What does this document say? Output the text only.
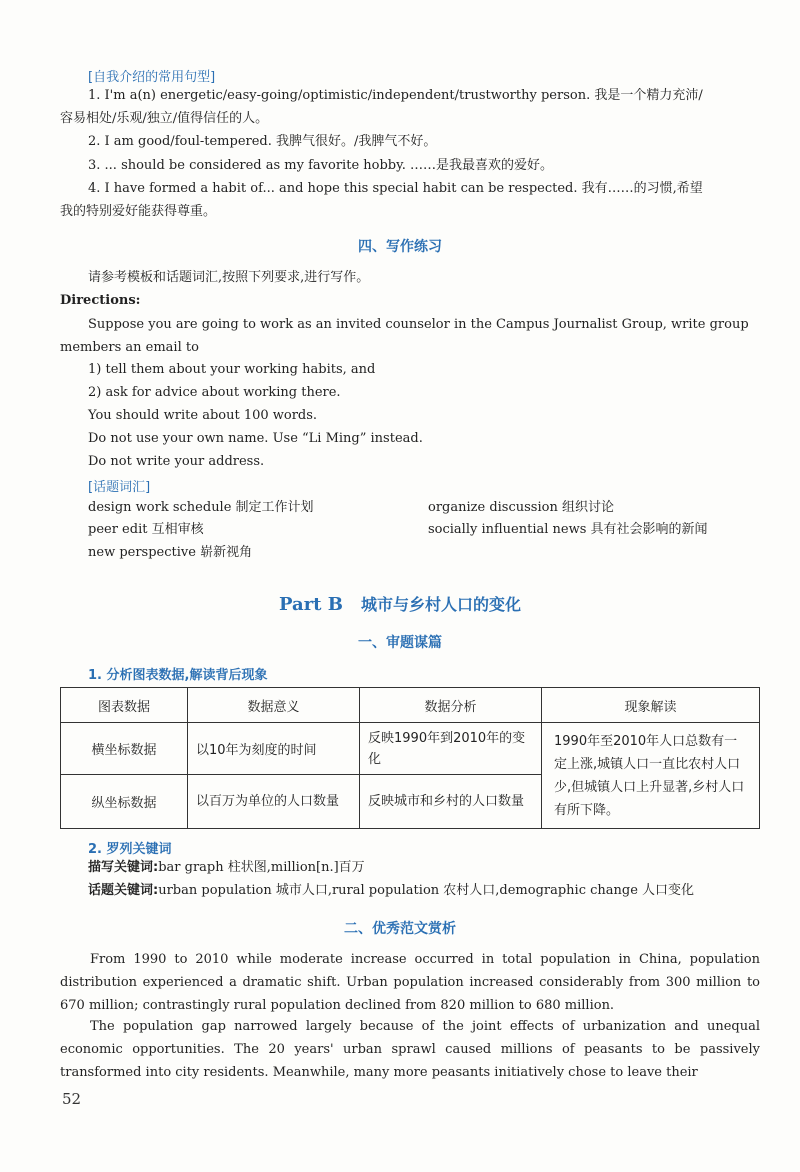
[自我介绍的常用句型]
1. I'm a(n) energetic/easy-going/optimistic/independent/trustworthy person. 我是一个精力充沛/
容易相处/乐观/独立/值得信任的人。
2. I am good/foul-tempered. 我脾气很好。/我脾气不好。
3. ... should be considered as my favorite hobby. ……是我最喜欢的爱好。
4. I have formed a habit of... and hope this special habit can be respected. 我有……的习惯,希望
我的特别爱好能获得尊重。
四、写作练习
请参考模板和话题词汇,按照下列要求,进行写作。
Directions:
Suppose you are going to work as an invited counselor in the Campus Journalist Group, write group
members an email to
1) tell them about your working habits, and
2) ask for advice about working there.
You should write about 100 words.
Do not use your own name. Use “Li Ming” instead.
Do not write your address.
[话题词汇]
design work schedule 制定工作计划
peer edit 互相审核
new perspective 崭新视角
organize discussion 组织讨论
socially influential news 具有社会影响的新闻
Part B 城市与乡村人口的变化
一、审题谋篇
1. 分析图表数据,解读背后现象
图表数据	数据意义	数据分析	现象解读
横坐标数据	以10年为刻度的时间	反映1990年到2010年的变化	1990年至2010年人口总数有一定上涨,城镇人口一直比农村人口少,但城镇人口上升显著,乡村人口有所下降。
纵坐标数据	以百万为单位的人口数量	反映城市和乡村的人口数量	
2. 罗列关键词
描写关键词:bar graph 柱状图,million[n.]百万
话题关键词:urban population 城市人口,rural population 农村人口,demographic change 人口变化
二、优秀范文赏析
From 1990 to 2010 while moderate increase occurred in total population in China, population distribution experienced a dramatic shift. Urban population increased considerably from 300 million to 670 million; contrastingly rural population declined from 820 million to 680 million.
The population gap narrowed largely because of the joint effects of urbanization and unequal economic opportunities. The 20 years' urban sprawl caused millions of peasants to be passively transformed into city residents. Meanwhile, many more peasants initiatively chose to leave their
52
